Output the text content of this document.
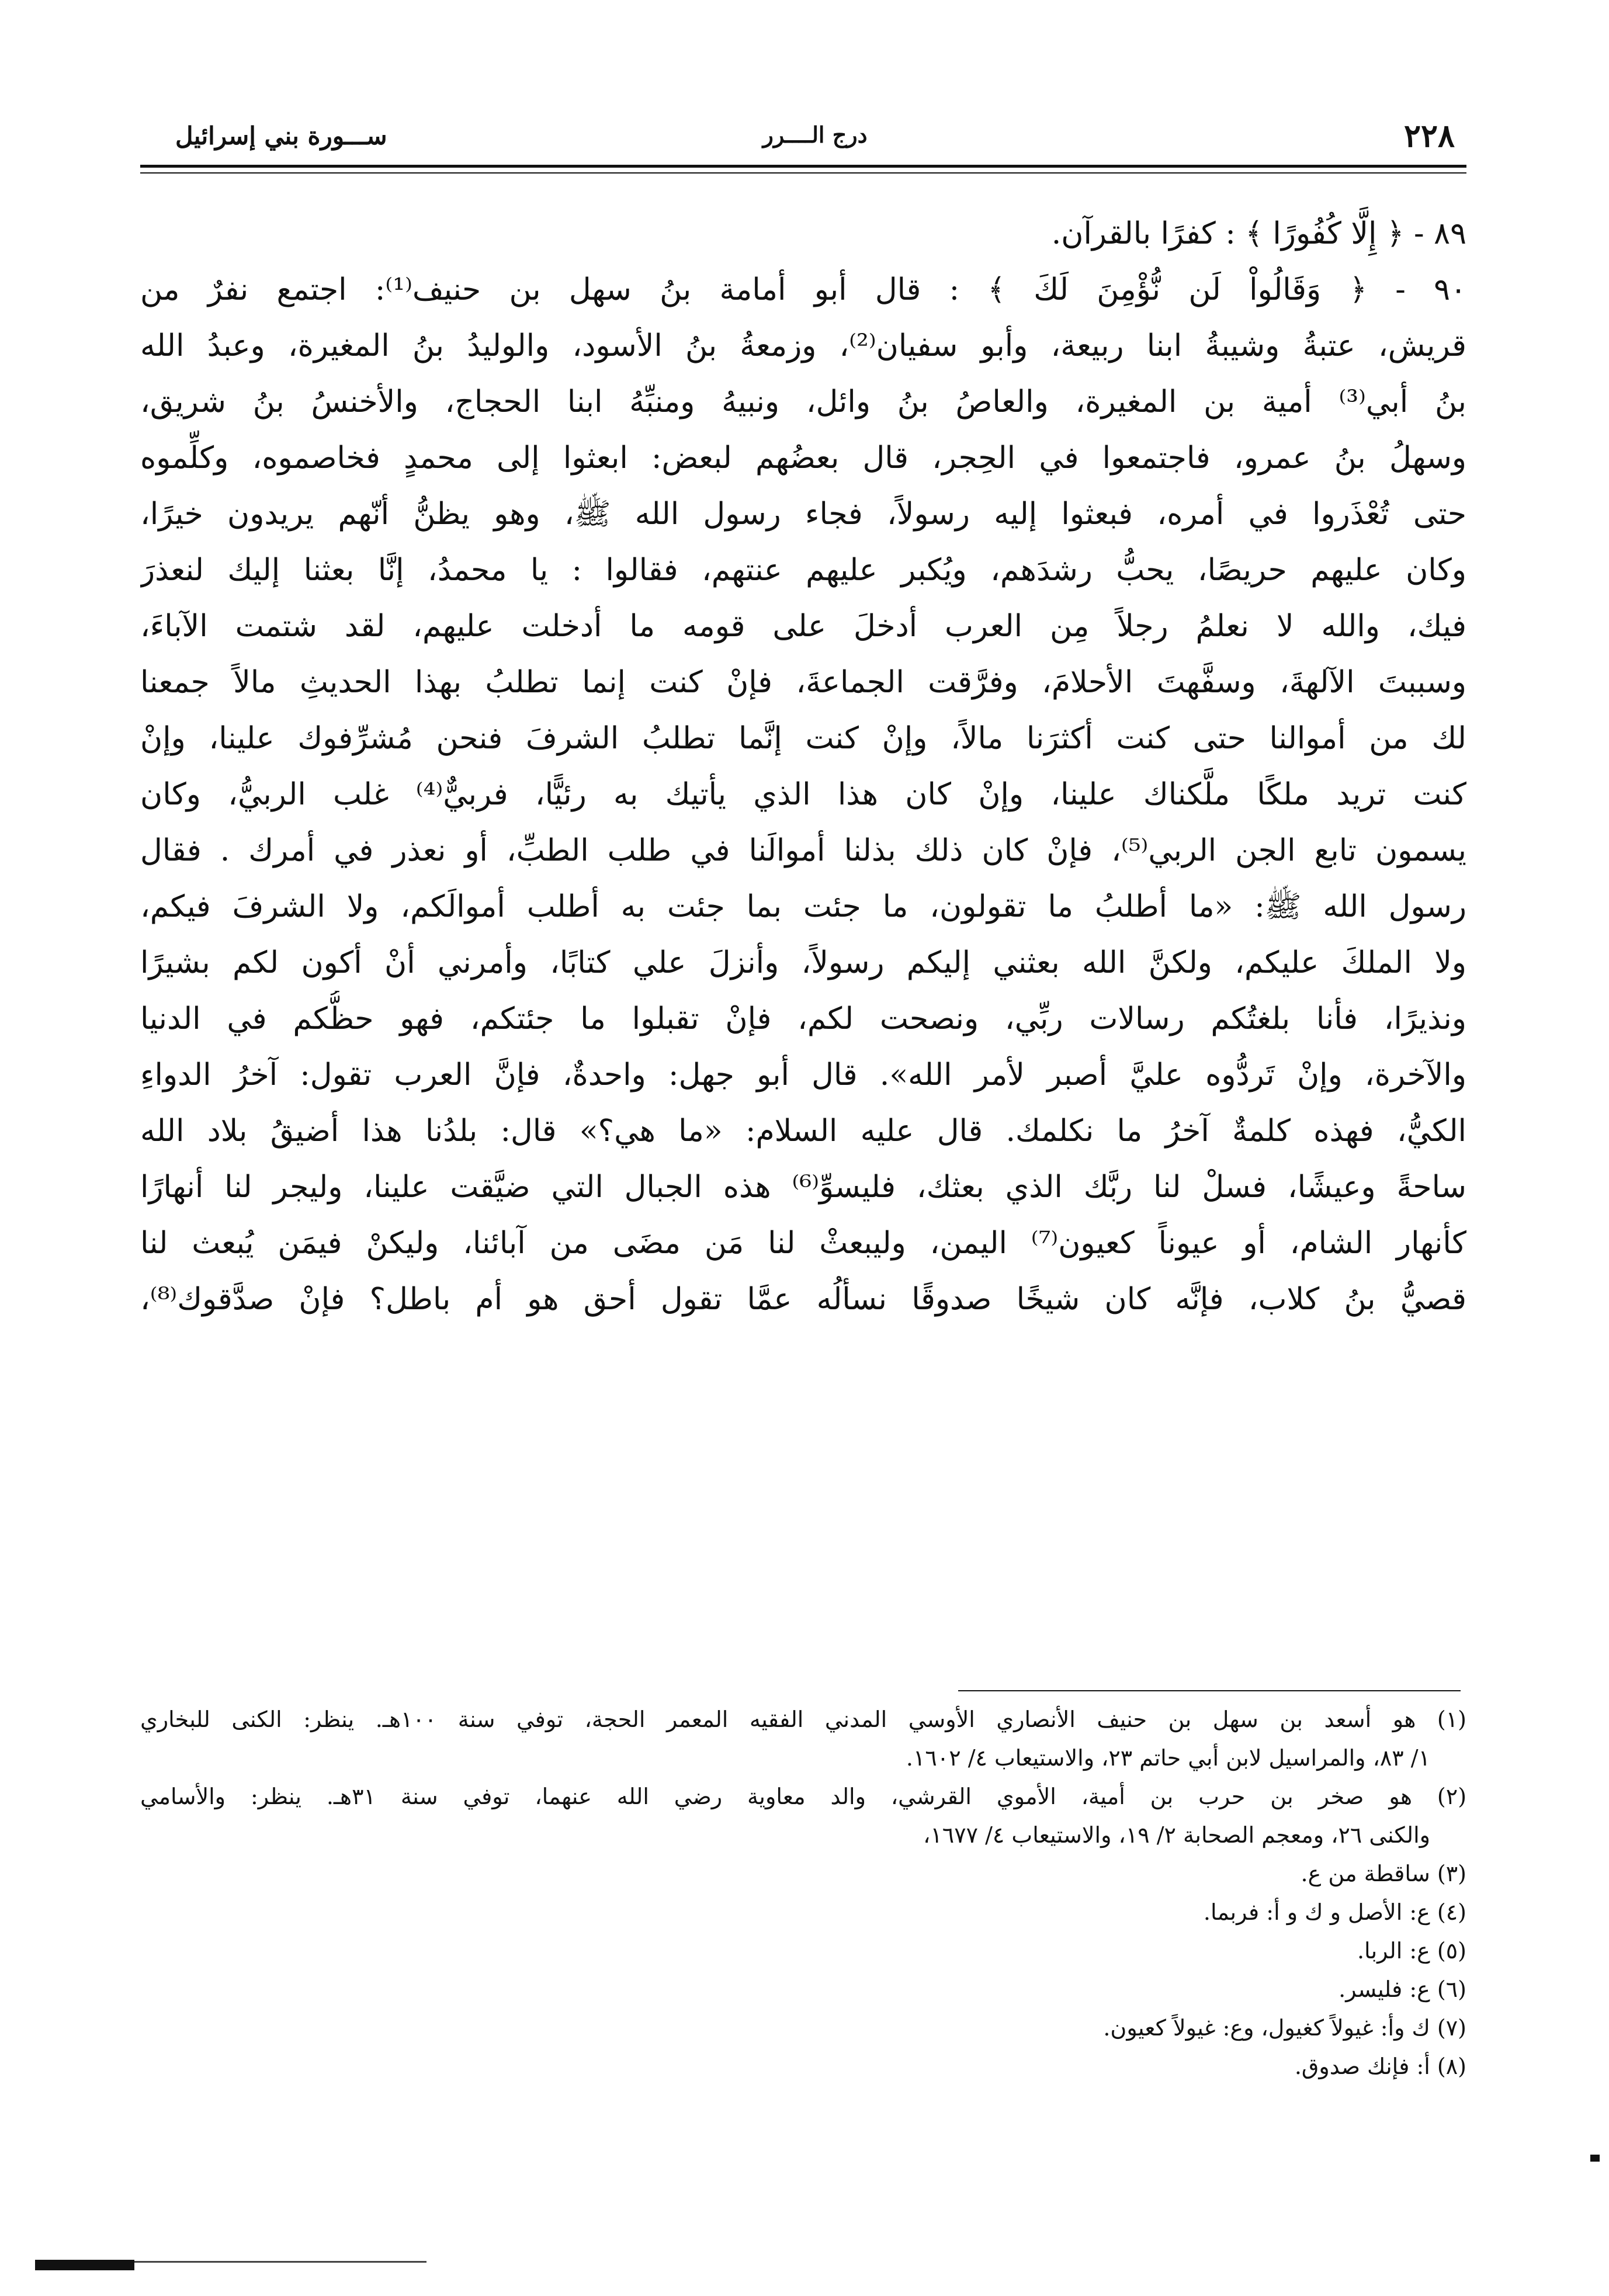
٢٢٨
درج الــــرر
ســـورة بني إسرائيل
٨٩ - ﴿ إِلَّا كُفُورًا ﴾ : كفرًا بالقرآن.
٩٠ - ﴿ وَقَالُواْ لَن نُّؤْمِنَ لَكَ ﴾ : قال أبو أمامة بنُ سهل بن حنيف⁽¹⁾: اجتمع نفرٌ من
قريش، عتبةُ وشيبةُ ابنا ربيعة، وأبو سفيان⁽²⁾، وزمعةُ بنُ الأسود، والوليدُ بنُ المغيرة، وعبدُ الله
بنُ أبي⁽³⁾ أمية بن المغيرة، والعاصُ بنُ وائل، ونبيهُ ومنبِّهُ ابنا الحجاج، والأخنسُ بنُ شريق،
وسهلُ بنُ عمرو، فاجتمعوا في الحِجر، قال بعضُهم لبعض: ابعثوا إلى محمدٍ فخاصموه، وكلِّموه
حتى تُعْذَروا في أمره، فبعثوا إليه رسولاً، فجاء رسول الله ﷺ، وهو يظنُّ أنّهم يريدون خيرًا،
وكان عليهم حريصًا، يحبُّ رشدَهم، ويُكبر عليهم عنتهم، فقالوا : يا محمدُ، إنَّا بعثنا إليك لنعذرَ
فيك، والله لا نعلمُ رجلاً مِن العرب أدخلَ على قومه ما أدخلت عليهم، لقد شتمت الآباءَ،
وسببتَ الآلهةَ، وسفَّهتَ الأحلامَ، وفرَّقت الجماعةَ، فإنْ كنت إنما تطلبُ بهذا الحديثِ مالاً جمعنا
لك من أموالنا حتى كنت أكثرَنا مالاً، وإنْ كنت إنَّما تطلبُ الشرفَ فنحن مُشرِّفوك علينا، وإنْ
كنت تريد ملكًا ملَّكناك علينا، وإنْ كان هذا الذي يأتيك به رئيًّا، فربيٌّ⁽⁴⁾ غلب الربيُّ، وكان
يسمون تابع الجن الربي⁽⁵⁾، فإنْ كان ذلك بذلنا أموالَنا في طلب الطبِّ، أو نعذر في أمرك . فقال
رسول الله ﷺ: «ما أطلبُ ما تقولون، ما جئت بما جئت به أطلب أموالَكم، ولا الشرفَ فيكم،
ولا الملكَ عليكم، ولكنَّ الله بعثني إليكم رسولاً، وأنزلَ علي كتابًا، وأمرني أنْ أكون لكم بشيرًا
ونذيرًا، فأنا بلغتُكم رسالات ربِّي، ونصحت لكم، فإنْ تقبلوا ما جئتكم، فهو حظُّكم في الدنيا
والآخرة، وإنْ تَردُّوه عليَّ أصبر لأمر الله». قال أبو جهل: واحدةٌ، فإنَّ العرب تقول: آخرُ الدواءِ
الكيُّ، فهذه كلمةٌ آخرُ ما نكلمك. قال عليه السلام: «ما هي؟» قال: بلدُنا هذا أضيقُ بلاد الله
ساحةً وعيشًا، فسلْ لنا ربَّك الذي بعثك، فليسوِّ⁽⁶⁾ هذه الجبال التي ضيَّقت علينا، وليجر لنا أنهارًا
كأنهار الشام، أو عيوناً كعيون⁽⁷⁾ اليمن، وليبعثْ لنا مَن مضَى من آبائنا، وليكنْ فيمَن يُبعث لنا
قصيُّ بنُ كلاب، فإنَّه كان شيخًا صدوقًا نسألُه عمَّا تقول أحق هو أم باطل؟ فإنْ صدَّقوك⁽⁸⁾،
(١) هو أسعد بن سهل بن حنيف الأنصاري الأوسي المدني الفقيه المعمر الحجة، توفي سنة ١٠٠هـ. ينظر: الكنى للبخاري
١/ ٨٣، والمراسيل لابن أبي حاتم ٢٣، والاستيعاب ٤/ ١٦٠٢.
(٢) هو صخر بن حرب بن أمية، الأموي القرشي، والد معاوية رضي الله عنهما، توفي سنة ٣١هـ. ينظر: والأسامي
والكنى ٢٦، ومعجم الصحابة ٢/ ١٩، والاستيعاب ٤/ ١٦٧٧،
(٣) ساقطة من ع.
(٤) ع: الأصل و ك و أ: فربما.
(٥) ع: الربا.
(٦) ع: فليسر.
(٧) ك وأ: غيولاً كغيول، وع: غيولاً كعيون.
(٨) أ: فإنك صدوق.
